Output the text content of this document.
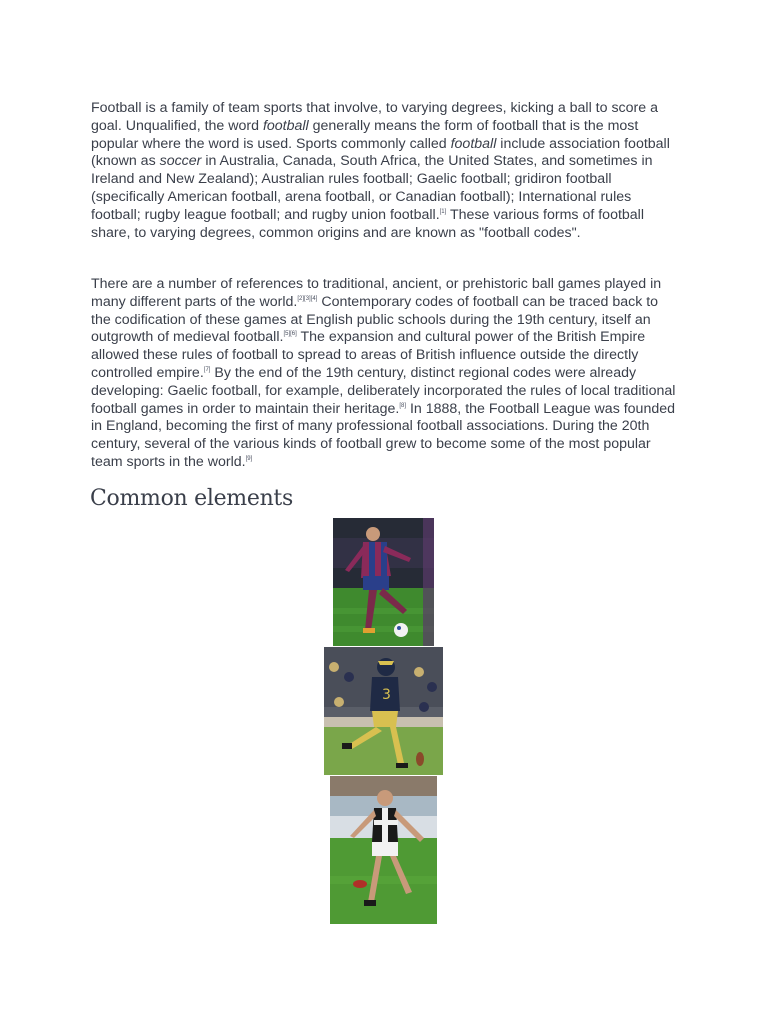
Football is a family of team sports that involve, to varying degrees, kicking a ball to score a goal. Unqualified, the word football generally means the form of football that is the most popular where the word is used. Sports commonly called football include association football (known as soccer in Australia, Canada, South Africa, the United States, and sometimes in Ireland and New Zealand); Australian rules football; Gaelic football; gridiron football (specifically American football, arena football, or Canadian football); International rules football; rugby league football; and rugby union football.[1] These various forms of football share, to varying degrees, common origins and are known as "football codes".

There are a number of references to traditional, ancient, or prehistoric ball games played in many different parts of the world.[2][3][4] Contemporary codes of football can be traced back to the codification of these games at English public schools during the 19th century, itself an outgrowth of medieval football.[5][6] The expansion and cultural power of the British Empire allowed these rules of football to spread to areas of British influence outside the directly controlled empire.[7] By the end of the 19th century, distinct regional codes were already developing: Gaelic football, for example, deliberately incorporated the rules of local traditional football games in order to maintain their heritage.[8] In 1888, the Football League was founded in England, becoming the first of many professional football associations. During the 20th century, several of the various kinds of football grew to become some of the most popular team sports in the world.[9]

Common elements
3
